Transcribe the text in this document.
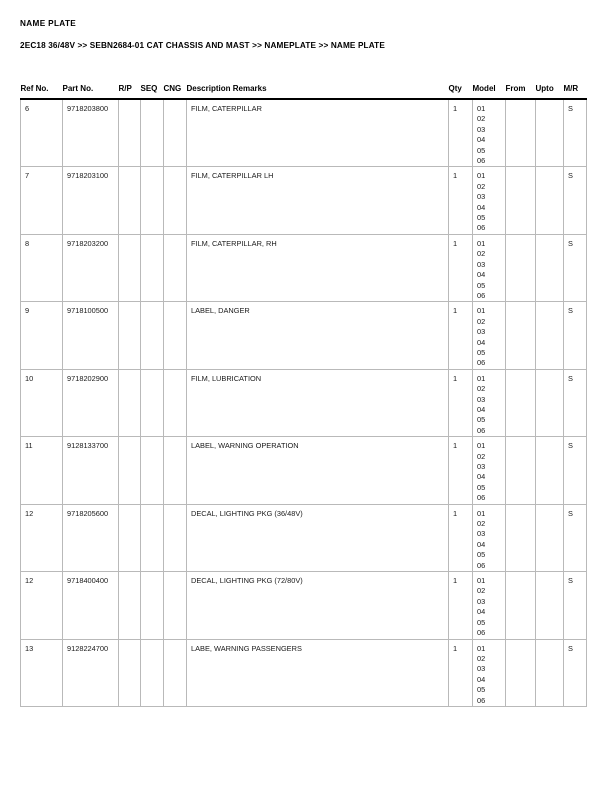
NAME PLATE
2EC18 36/48V >> SEBN2684-01 CAT CHASSIS AND MAST >> NAMEPLATE >> NAME PLATE
Ref No.	Part No.	R/P	SEQ	CNG	Description Remarks	Qty	Model	From	Upto	M/R
6	9718203800				FILM, CATERPILLAR	1	01
02
03
04
05
06
			S
7	9718203100				FILM, CATERPILLAR LH	1	01
02
03
04
05
06
			S
8	9718203200				FILM, CATERPILLAR, RH	1	01
02
03
04
05
06
			S
9	9718100500				LABEL, DANGER	1	01
02
03
04
05
06
			S
10	9718202900				FILM, LUBRICATION	1	01
02
03
04
05
06
			S
11	9128133700				LABEL, WARNING OPERATION	1	01
02
03
04
05
06
			S
12	9718205600				DECAL, LIGHTING PKG (36/48V)	1	01
02
03
04
05
06
			S
12	9718400400				DECAL, LIGHTING PKG (72/80V)	1	01
02
03
04
05
06
			S
13	9128224700				LABE, WARNING PASSENGERS	1	01
02
03
04
05
06
			S
